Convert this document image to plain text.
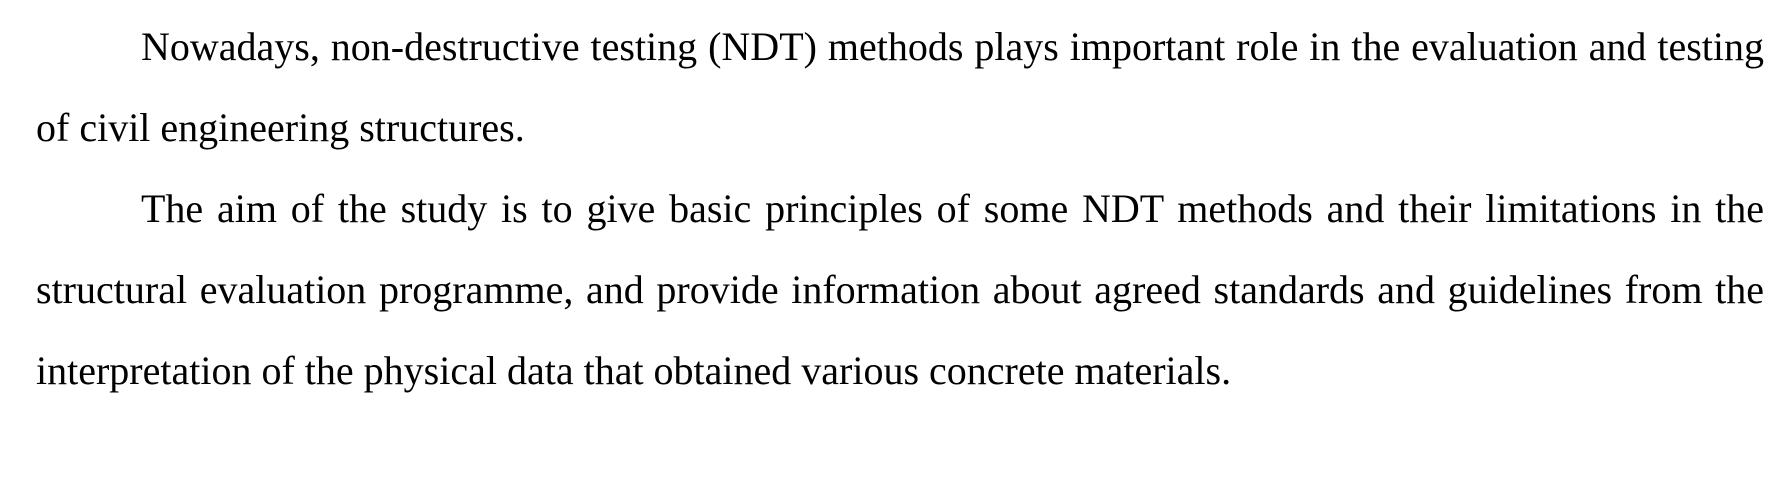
Nowadays, non-destructive testing (NDT) methods plays important role in the evaluation and testing of civil engineering structures.

The aim of the study is to give basic principles of some NDT methods and their limitations in the structural evaluation programme, and provide information about agreed standards and guidelines from the interpretation of the physical data that obtained various concrete materials.
